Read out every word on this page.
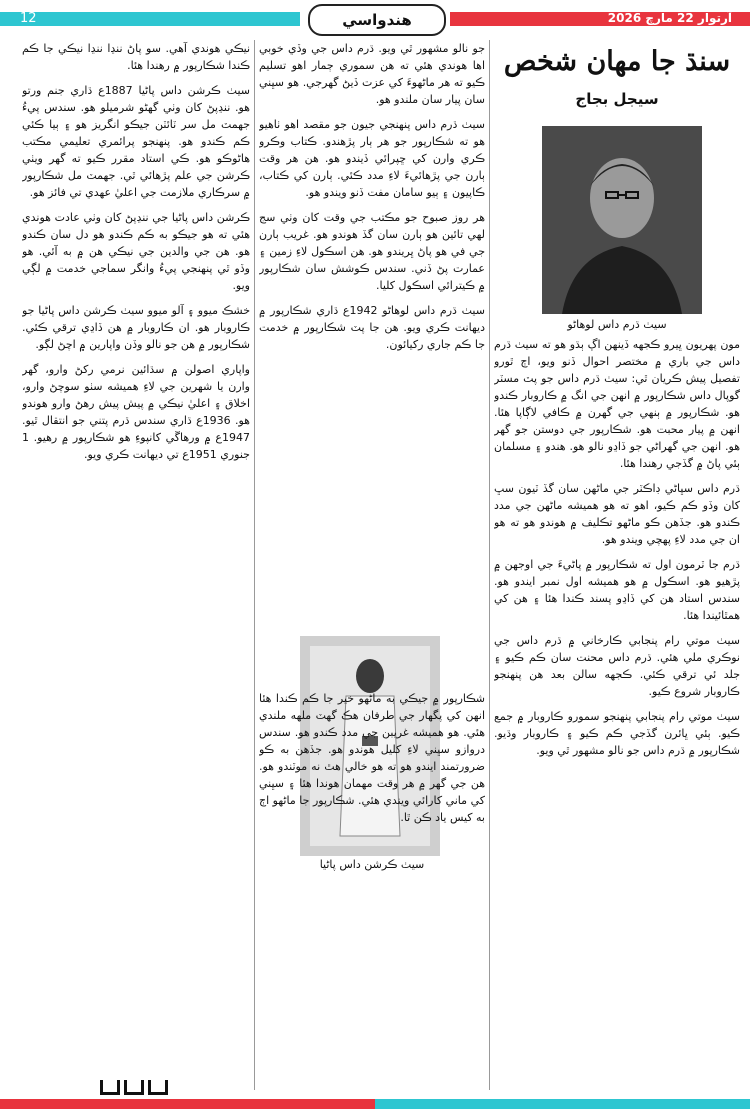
12	هندواسي	آرتوار 22 مارچ 2026
سنڌ جا مهان شخص
سيجل بجاج
سيٺ ڌرم داس لوهاڻو

مون پهريون ڀيرو ڪجهه ڏينهن اڳ ٻڌو هو ته سيٺ ڌرم داس جي باري ۾ مختصر احوال ڏنو ويو، اڄ ٿورو تفصيل پيش ڪريان ٿي: سيٺ ڌرم داس جو پٽ مسٽر گوپال داس شڪارپور ۾ انهن جي انگ ۾ ڪاروبار ڪندو هو. شڪارپور ۾ ٻنهي جي گهرن ۾ ڪافي لاڳاپا هئا. انهن ۾ پيار محبت هو. شڪارپور جي دوستن جو گهر هو. انهن جي گهراڻي جو ڏاڍو نالو هو. هندو ۽ مسلمان ٻئي پاڻ ۾ گڏجي رهندا هئا.

ڌرم داس سڀاڻي ڊاڪٽر جي ماڻهن سان گڏ ٽيون سڀ کان وڏو ڪم ڪيو، اهو ته هو هميشه ماڻهن جي مدد ڪندو هو. جڏهن ڪو ماڻهو تڪليف ۾ هوندو هو ته هو ان جي مدد لاءِ پهچي ويندو هو.

ڌرم جا ٽرمون اول ته شڪارپور ۾ پاڻيءَ جي اوجهن ۾ پڙهيو هو. اسڪول ۾ هو هميشه اول نمبر ايندو هو. سندس استاد هن کي ڏاڍو پسند ڪندا هئا ۽ هن کي همٿائيندا هئا.

سيٺ موتي رام پنجابي ڪارخاني ۾ ڌرم داس جي نوڪري ملي هئي. ڌرم داس محنت سان ڪم ڪيو ۽ جلد ئي ترقي ڪئي. ڪجهه سالن بعد هن پنهنجو ڪاروبار شروع ڪيو.

سيٺ موتي رام پنجابي پنهنجو سمورو ڪاروبار ۾ جمع ڪيو. ٻئي ڀائرن گڏجي ڪم ڪيو ۽ ڪاروبار وڌيو. شڪارپور ۾ ڌرم داس جو نالو مشهور ٿي ويو.

جو نالو مشهور ٿي ويو. ڌرم داس جي وڏي خوبي اها هوندي هئي ته هن سموري ڄمار اهو تسليم ڪيو ته هر ماڻهوءَ کي عزت ڏيڻ گهرجي. هو سڀني سان پيار سان ملندو هو.

سيٺ ڌرم داس پنهنجي جيون جو مقصد اهو ٺاهيو هو ته شڪارپور جو هر ٻار پڙهندو. ڪتاب وڪرو ڪري وارن کي ڇپرائي ڏيندو هو. هن هر وقت ٻارن جي پڙهائيءَ لاءِ مدد ڪئي. ٻارن کي ڪتاب، ڪاپيون ۽ ٻيو سامان مفت ڏنو ويندو هو.

هر روز صبوح جو مڪتب جي وقت کان وٺي سج لهي تائين هو ٻارن سان گڏ هوندو هو. غريب ٻارن جي في هو پاڻ ڀريندو هو. هن اسڪول لاءِ زمين ۽ عمارت پڻ ڏني. سندس ڪوشش سان شڪارپور ۾ ڪيترائي اسڪول کليا.

سيٺ ڌرم داس لوهاڻو 1942ع ڌاري شڪارپور ۾ ديهانت ڪري ويو. هن جا پٽ شڪارپور ۾ خدمت جا ڪم جاري رکيائون.

سيٺ ڪرشن داس پاڻيا

شڪارپور ۾ جيڪي به ماڻهو خير جا ڪم ڪندا هئا انهن کي پگهار جي طرفان هڪ گهٽ ملهه ملندي هئي. هو هميشه غريبن جي مدد ڪندو هو. سندس دروازو سڀني لاءِ کليل هوندو هو. جڏهن به ڪو ضرورتمند ايندو هو ته هو خالي هٿ نه موٽندو هو. هن جي گهر ۾ هر وقت مهمان هوندا هئا ۽ سڀني کي ماني کارائي ويندي هئي. شڪارپور جا ماڻهو اڄ به کيس ياد ڪن ٿا.

نيڪي هوندي آهي. سو پاڻ ننڍا ننڍا نيڪي جا ڪم ڪندا شڪارپور ۾ رهندا هئا.

سيٺ ڪرشن داس پاڻيا 1887ع ڌاري جنم ورتو هو. ننڍپڻ کان وٺي گهڻو شرميلو هو. سندس پيءُ جهمٽ مل سر ٽائٽن جيڪو انگريز هو ۽ ٻيا ڪئي ڪم ڪندو هو. پنهنجو پرائمري تعليمي مڪتب هاڻوڪو هو. ڪي استاد مقرر ڪيو ته گهر ويٺي ڪرشن جي علم پڙهائي ٿي. جهمٽ مل شڪارپور ۾ سرڪاري ملازمت جي اعليٰ عهدي تي فائز هو.

ڪرشن داس پاڻيا جي ننڍپڻ کان وٺي عادت هوندي هئي ته هو جيڪو به ڪم ڪندو هو دل سان ڪندو هو. هن جي والدين جي نيڪي هن ۾ به آئي. هو وڏو ٿي پنهنجي پيءُ وانگر سماجي خدمت ۾ لڳي ويو.

خشڪ ميوو ۽ آلو ميوو سيٺ ڪرشن داس پاڻيا جو ڪاروبار هو. ان ڪاروبار ۾ هن ڏاڍي ترقي ڪئي. شڪارپور ۾ هن جو نالو وڏن واپارين ۾ اچڻ لڳو.

واپاري اصولن ۾ سڌائين نرمي رکڻ وارو، گهر وارن يا شهرين جي لاءِ هميشه سٺو سوچڻ وارو، اخلاق ۽ اعليٰ نيڪي ۾ پيش پيش رهڻ وارو هوندو هو. 1936ع ڌاري سندس ڌرم پتني جو انتقال ٿيو. 1947ع ۾ ورهاڱي کانپوءِ هو شڪارپور ۾ رهيو. 1 جنوري 1951ع تي ديهانت ڪري ويو.
